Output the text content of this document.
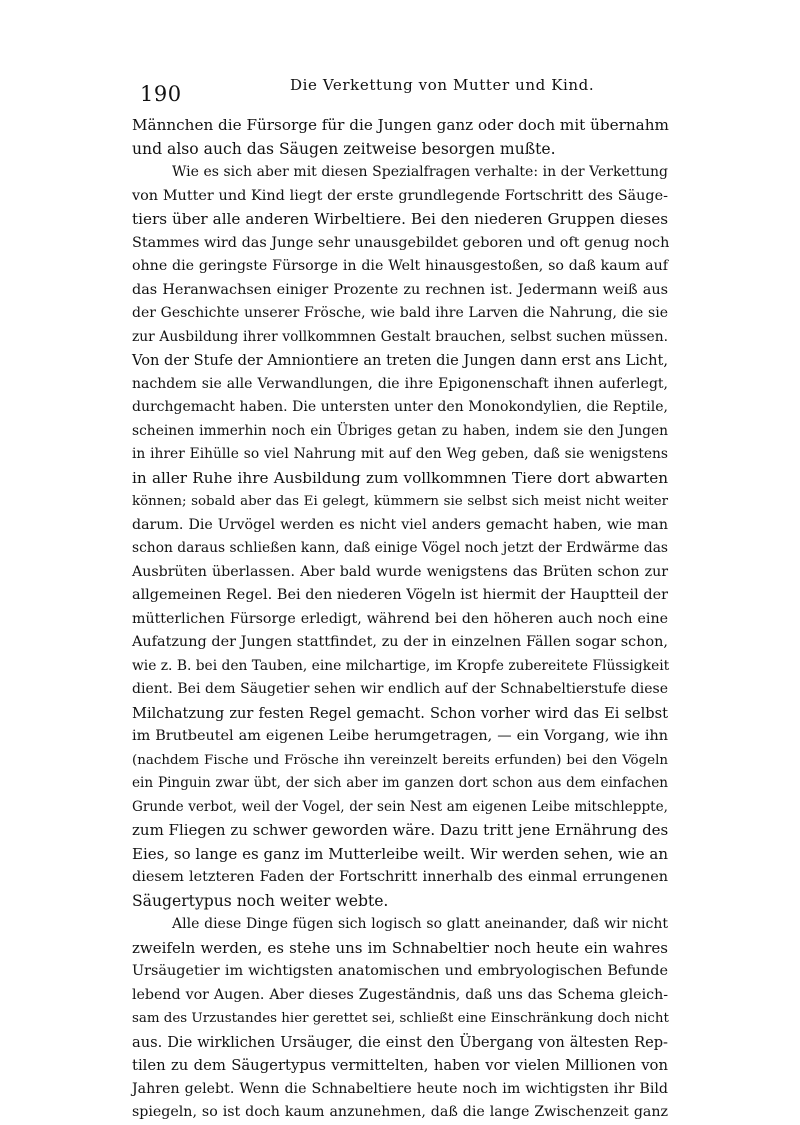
190	Die Verkettung von Mutter und Kind.
Männchen die Fürsorge für die Jungen ganz oder doch mit übernahm
und also auch das Säugen zeitweise besorgen mußte.
Wie es sich aber mit diesen Spezialfragen verhalte: in der Verkettung
von Mutter und Kind liegt der erste grundlegende Fortschritt des Säuge-
tiers über alle anderen Wirbeltiere. Bei den niederen Gruppen dieses
Stammes wird das Junge sehr unausgebildet geboren und oft genug noch
ohne die geringste Fürsorge in die Welt hinausgestoßen, so daß kaum auf
das Heranwachsen einiger Prozente zu rechnen ist. Jedermann weiß aus
der Geschichte unserer Frösche, wie bald ihre Larven die Nahrung, die sie
zur Ausbildung ihrer vollkommnen Gestalt brauchen, selbst suchen müssen.
Von der Stufe der Amniontiere an treten die Jungen dann erst ans Licht,
nachdem sie alle Verwandlungen, die ihre Epigonenschaft ihnen auferlegt,
durchgemacht haben. Die untersten unter den Monokondylien, die Reptile,
scheinen immerhin noch ein Übriges getan zu haben, indem sie den Jungen
in ihrer Eihülle so viel Nahrung mit auf den Weg geben, daß sie wenigstens
in aller Ruhe ihre Ausbildung zum vollkommnen Tiere dort abwarten
können; sobald aber das Ei gelegt, kümmern sie selbst sich meist nicht weiter
darum. Die Urvögel werden es nicht viel anders gemacht haben, wie man
schon daraus schließen kann, daß einige Vögel noch jetzt der Erdwärme das
Ausbrüten überlassen. Aber bald wurde wenigstens das Brüten schon zur
allgemeinen Regel. Bei den niederen Vögeln ist hiermit der Hauptteil der
mütterlichen Fürsorge erledigt, während bei den höheren auch noch eine
Aufatzung der Jungen stattfindet, zu der in einzelnen Fällen sogar schon,
wie z. B. bei den Tauben, eine milchartige, im Kropfe zubereitete Flüssigkeit
dient. Bei dem Säugetier sehen wir endlich auf der Schnabeltierstufe diese
Milchatzung zur festen Regel gemacht. Schon vorher wird das Ei selbst
im Brutbeutel am eigenen Leibe herumgetragen, — ein Vorgang, wie ihn
(nachdem Fische und Frösche ihn vereinzelt bereits erfunden) bei den Vögeln
ein Pinguin zwar übt, der sich aber im ganzen dort schon aus dem einfachen
Grunde verbot, weil der Vogel, der sein Nest am eigenen Leibe mitschleppte,
zum Fliegen zu schwer geworden wäre. Dazu tritt jene Ernährung des
Eies, so lange es ganz im Mutterleibe weilt. Wir werden sehen, wie an
diesem letzteren Faden der Fortschritt innerhalb des einmal errungenen
Säugertypus noch weiter webte.
Alle diese Dinge fügen sich logisch so glatt aneinander, daß wir nicht
zweifeln werden, es stehe uns im Schnabeltier noch heute ein wahres
Ursäugetier im wichtigsten anatomischen und embryologischen Befunde
lebend vor Augen. Aber dieses Zugeständnis, daß uns das Schema gleich-
sam des Urzustandes hier gerettet sei, schließt eine Einschränkung doch nicht
aus. Die wirklichen Ursäuger, die einst den Übergang von ältesten Rep-
tilen zu dem Säugertypus vermittelten, haben vor vielen Millionen von
Jahren gelebt. Wenn die Schnabeltiere heute noch im wichtigsten ihr Bild
spiegeln, so ist doch kaum anzunehmen, daß die lange Zwischenzeit ganz
